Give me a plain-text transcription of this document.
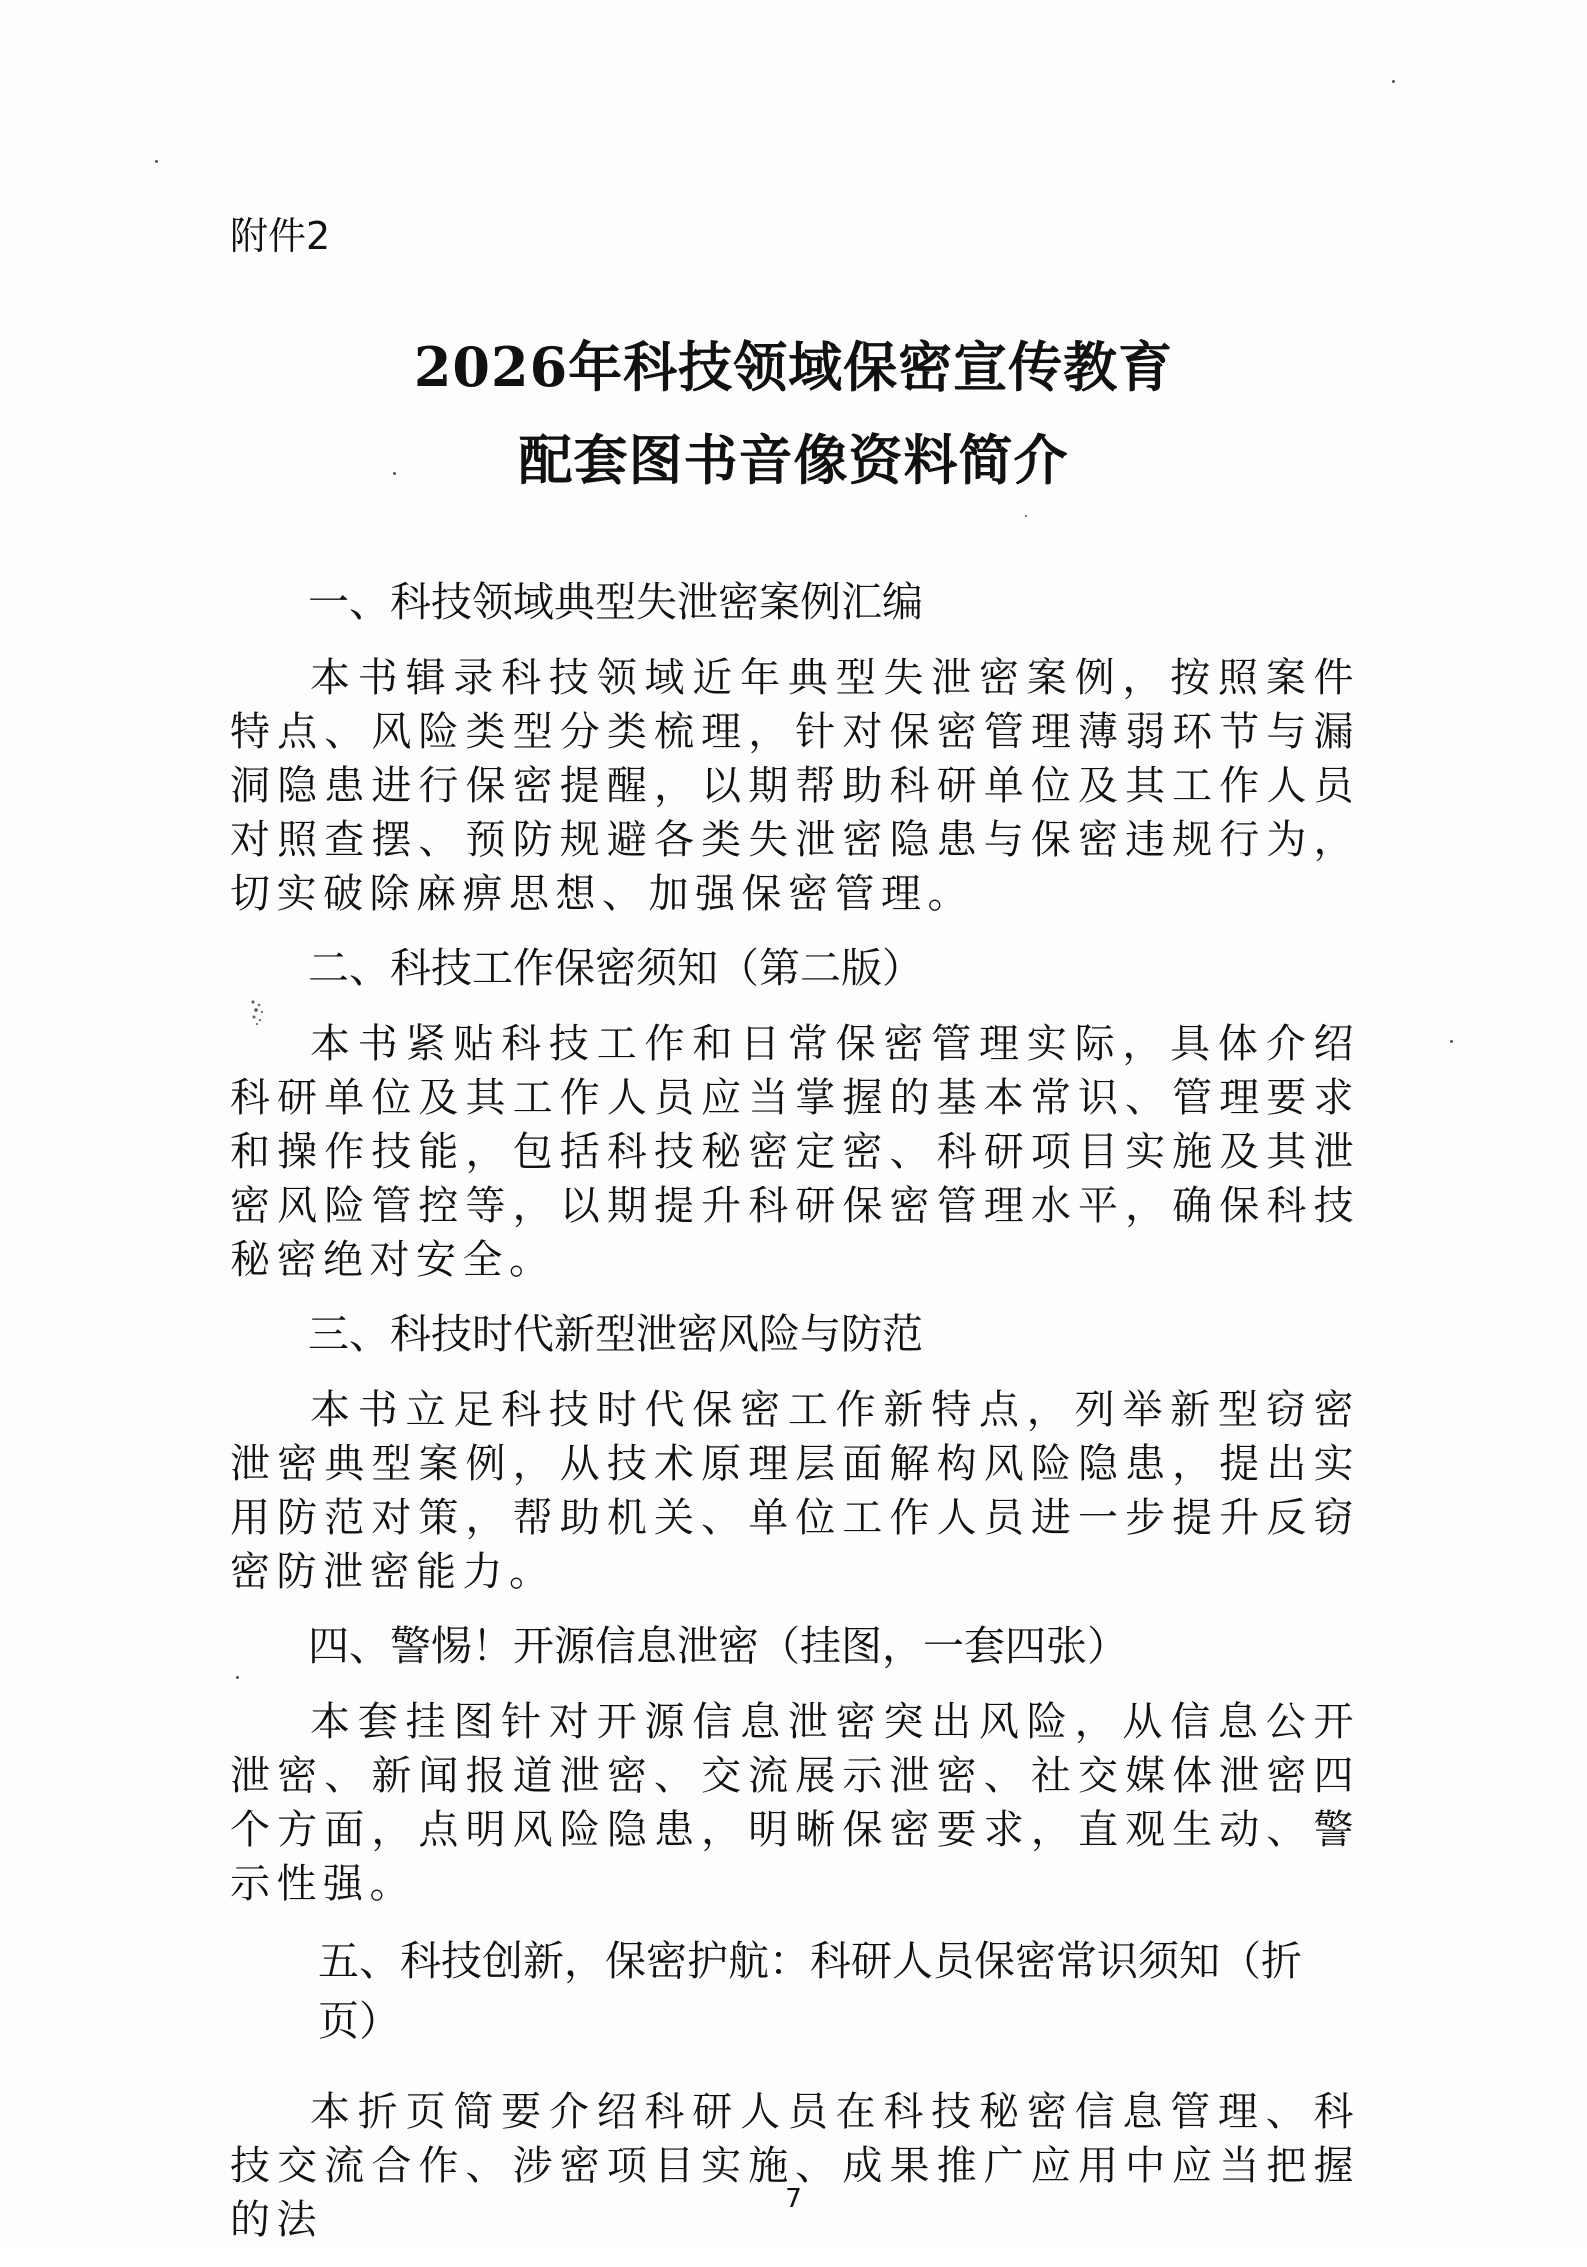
附件2
2026年科技领域保密宣传教育
配套图书音像资料简介
一、科技领域典型失泄密案例汇编
本书辑录科技领域近年典型失泄密案例，按照案件特点、风险类型分类梳理，针对保密管理薄弱环节与漏洞隐患进行保密提醒，以期帮助科研单位及其工作人员对照查摆、预防规避各类失泄密隐患与保密违规行为，切实破除麻痹思想、加强保密管理。
二、科技工作保密须知（第二版）
本书紧贴科技工作和日常保密管理实际，具体介绍科研单位及其工作人员应当掌握的基本常识、管理要求和操作技能，包括科技秘密定密、科研项目实施及其泄密风险管控等，以期提升科研保密管理水平，确保科技秘密绝对安全。
三、科技时代新型泄密风险与防范
本书立足科技时代保密工作新特点，列举新型窃密泄密典型案例，从技术原理层面解构风险隐患，提出实用防范对策，帮助机关、单位工作人员进一步提升反窃密防泄密能力。
四、警惕！开源信息泄密（挂图，一套四张）
本套挂图针对开源信息泄密突出风险，从信息公开泄密、新闻报道泄密、交流展示泄密、社交媒体泄密四个方面，点明风险隐患，明晰保密要求，直观生动、警示性强。
五、科技创新，保密护航：科研人员保密常识须知（折页）
本折页简要介绍科研人员在科技秘密信息管理、科技交流合作、涉密项目实施、成果推广应用中应当把握的法	7
